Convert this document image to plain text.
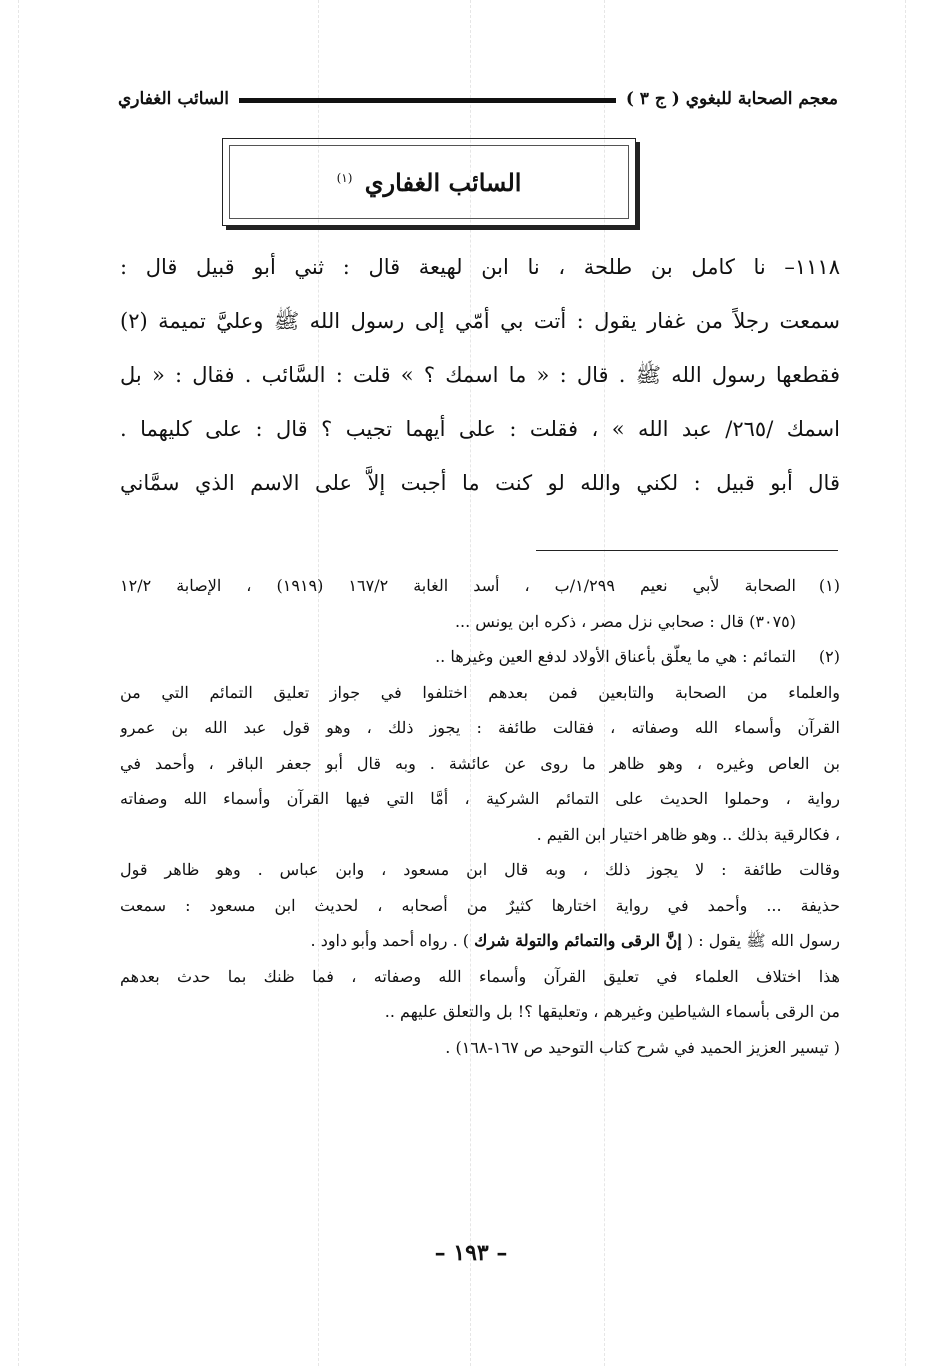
معجم الصحابة للبغوي ( ج ٣ )
السائب الغفاري
السائب الغفاري $^{(١)}$
١١١٨– نا كامل بن طلحة ، نا ابن لهيعة قال : ثني أبو قبيل قال :
سمعت رجلاً من غفار يقول : أتت بي أمّي إلى رسول الله ﷺ وعليَّ تميمة (٢)
فقطعها رسول الله ﷺ . قال : « ما اسمك ؟ » قلت : السَّائب . فقال : « بل
اسمك /٢٦٥/ عبد الله » ، فقلت : على أيهما تجيب ؟ قال : على كليهما .
قال أبو قبيل : لكني والله لو كنت ما أجبت إلاَّ على الاسم الذي سمَّاني
(١)
الصحابة لأبي نعيم ١/٢٩٩/ب ، أسد الغابة ١٦٧/٢ (١٩١٩) ، الإصابة ١٢/٢
(٣٠٧٥) قال : صحابي نزل مصر ، ذكره ابن يونس ...
(٢)
التمائم : هي ما يعلّق بأعناق الأولاد لدفع العين وغيرها ..
والعلماء من الصحابة والتابعين فمن بعدهم اختلفوا في جواز تعليق التمائم التي من
القرآن وأسماء الله وصفاته ، فقالت طائفة : يجوز ذلك ، وهو قول عبد الله بن عمرو
بن العاص وغيره ، وهو ظاهر ما روى عن عائشة . وبه قال أبو جعفر الباقر ، وأحمد في
رواية ، وحملوا الحديث على التمائم الشركية ، أمَّا التي فيها القرآن وأسماء الله وصفاته
، فكالرقية بذلك .. وهو ظاهر اختيار ابن القيم .
وقالت طائفة : لا يجوز ذلك ، وبه قال ابن مسعود ، وابن عباس . وهو ظاهر قول
حذيفة ... وأحمد في رواية اختارها كثيرٌ من أصحابه ، لحديث ابن مسعود : سمعت
رسول الله ﷺ يقول : ( إنَّ الرقى والتمائم والتولة شرك ) . رواه أحمد وأبو داود .
هذا اختلاف العلماء في تعليق القرآن وأسماء الله وصفاته ، فما ظنك بما حدث بعدهم
من الرقى بأسماء الشياطين وغيرهم ، وتعليقها ؟! بل والتعلق عليهم ..
( تيسير العزيز الحميد في شرح كتاب التوحيد ص ١٦٧-١٦٨) .
– ١٩٣ –
